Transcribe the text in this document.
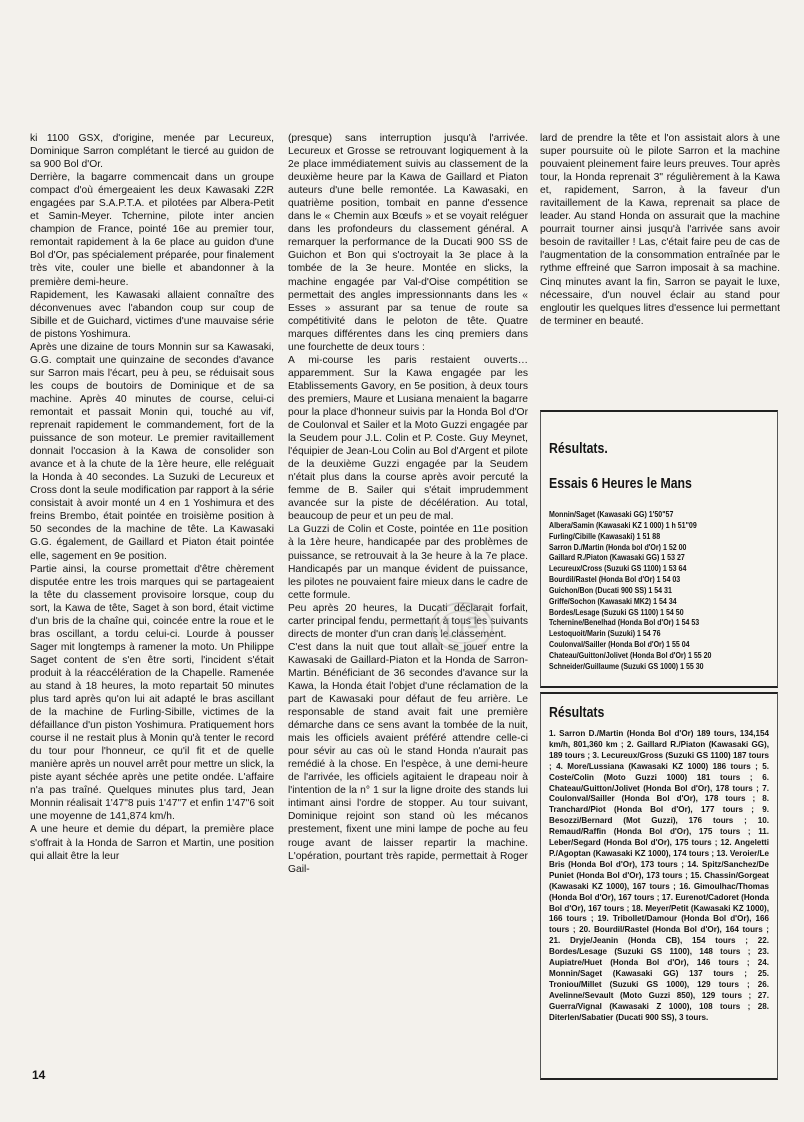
ki 1100 GSX, d'origine, menée par Lecureux, Dominique Sarron complétant le tiercé au guidon de sa 900 Bol d'Or.

Derrière, la bagarre commencait dans un groupe compact d'où émergeaient les deux Kawasaki Z2R engagées par S.A.P.T.A. et pilotées par Albera-Petit et Samin-Meyer. Tchernine, pilote inter ancien champion de France, pointé 16e au premier tour, remontait rapidement à la 6e place au guidon d'une Bol d'Or, pas spécialement préparée, pour finalement très vite, couler une bielle et abandonner à la première demi-heure.

Rapidement, les Kawasaki allaient connaître des déconvenues avec l'abandon coup sur coup de Sibille et de Guichard, victimes d'une mauvaise série de pistons Yoshimura.

Après une dizaine de tours Monnin sur sa Kawasaki, G.G. comptait une quinzaine de secondes d'avance sur Sarron mais l'écart, peu à peu, se réduisait sous les coups de boutoirs de Dominique et de sa machine. Après 40 minutes de course, celui-ci remontait et passait Monin qui, touché au vif, reprenait rapidement le commandement, fort de la puissance de son moteur. Le premier ravitaillement donnait l'occasion à la Kawa de consolider son avance et à la chute de la 1ère heure, elle reléguait la Honda à 40 secondes. La Suzuki de Lecureux et Cross dont la seule modification par rapport à la série consistait à avoir monté un 4 en 1 Yoshimura et des freins Brembo, était pointée en troisième position à 50 secondes de la machine de tête. La Kawasaki G.G. également, de Gaillard et Piaton était pointée elle, sagement en 9e position.

Partie ainsi, la course promettait d'être chèrement disputée entre les trois marques qui se partageaient la tête du classement provisoire lorsque, coup du sort, la Kawa de tête, Saget à son bord, était victime d'un bris de la chaîne qui, coincée entre la roue et le bras oscillant, a tordu celui-ci. Lourde à pousser Sager mit longtemps à ramener la moto. Un Philippe Saget content de s'en être sorti, l'incident s'était produit à la réaccélération de la Chapelle. Ramenée au stand à 18 heures, la moto repartait 50 minutes plus tard après qu'on lui ait adapté le bras ascillant de la machine de Furling-Sibille, victimes de la défaillance d'un piston Yoshimura. Pratiquement hors course il ne restait plus à Monin qu'à tenter le record du tour pour l'honneur, ce qu'il fit et de quelle manière après un nouvel arrêt pour mettre un slick, la piste ayant séchée après une petite ondée. L'affaire n'a pas traîné. Quelques minutes plus tard, Jean Monnin réalisait 1'47"8 puis 1'47"7 et enfin 1'47"6 soit une moyenne de 141,874 km/h.

A une heure et demie du départ, la première place s'offrait à la Honda de Sarron et Martin, une position qui allait être la leur

(presque) sans interruption jusqu'à l'arrivée. Lecureux et Grosse se retrouvant logiquement à la 2e place immédiatement suivis au classement de la deuxième heure par la Kawa de Gaillard et Piaton auteurs d'une belle remontée. La Kawasaki, en quatrième position, tombait en panne d'essence dans le « Chemin aux Bœufs » et se voyait reléguer dans les profondeurs du classement général. A remarquer la performance de la Ducati 900 SS de Guichon et Bon qui s'octroyait la 3e place à la tombée de la 3e heure. Montée en slicks, la machine engagée par Val-d'Oise compétition se permettait des angles impressionnants dans les « Esses » assurant par sa tenue de route sa compétitivité dans le peloton de tête. Quatre marques différentes dans les cinq premiers dans une fourchette de deux tours :

A mi-course les paris restaient ouverts… apparemment. Sur la Kawa engagée par les Etablissements Gavory, en 5e position, à deux tours des premiers, Maure et Lusiana menaient la bagarre pour la place d'honneur suivis par la Honda Bol d'Or de Coulonval et Sailer et la Moto Guzzi engagée par la Seudem pour J.L. Colin et P. Coste. Guy Meynet, l'équipier de Jean-Lou Colin au Bol d'Argent et pilote de la deuxième Guzzi engagée par la Seudem n'était plus dans la course après avoir percuté la femme de B. Sailer qui s'était imprudemment avancée sur la piste de décélération. Au total, beaucoup de peur et un peu de mal.

La Guzzi de Colin et Coste, pointée en 11e position à la 1ère heure, handicapée par des problèmes de puissance, se retrouvait à la 3e heure à la 7e place. Handicapés par un manque évident de puissance, les pilotes ne pouvaient faire mieux dans le cadre de cette formule.

Peu après 20 heures, la Ducati déclarait forfait, carter principal fendu, permettant à tous les suivants directs de monter d'un cran dans le classement.

C'est dans la nuit que tout allait se jouer entre la Kawasaki de Gaillard-Piaton et la Honda de Sarron-Martin. Bénéficiant de 36 secondes d'avance sur la Kawa, la Honda était l'objet d'une réclamation de la part de Kawasaki pour défaut de feu arrière. Le responsable de stand avait fait une première démarche dans ce sens avant la tombée de la nuit, mais les officiels avaient préféré attendre celle-ci pour sévir au cas où le stand Honda n'aurait pas remédié à la chose. En l'espèce, à une demi-heure de l'arrivée, les officiels agitaient le drapeau noir à l'intention de la n° 1 sur la ligne droite des stands lui intimant ainsi l'ordre de stopper. Au tour suivant, Dominique rejoint son stand où les mécanos prestement, fixent une mini lampe de poche au feu rouge avant de laisser repartir la machine. L'opération, pourtant très rapide, permettait à Roger Gail-

lard de prendre la tête et l'on assistait alors à une super poursuite où le pilote Sarron et la machine pouvaient pleinement faire leurs preuves. Tour après tour, la Honda reprenait 3" régulièrement à la Kawa et, rapidement, Sarron, à la faveur d'un ravitaillement de la Kawa, reprenait sa place de leader. Au stand Honda on assurait que la machine pourrait tourner ainsi jusqu'à l'arrivée sans avoir besoin de ravitailler ! Las, c'était faire peu de cas de l'augmentation de la consommation entraînée par le rythme effreiné que Sarron imposait à sa machine. Cinq minutes avant la fin, Sarron se payait le luxe, nécessaire, d'un nouvel éclair au stand pour engloutir les quelques litres d'essence lui permettant de terminer en beauté.

Résultats.
Essais 6 Heures le Mans
Monnin/Saget (Kawasaki GG) 1'50"57
Albera/Samin (Kawasaki KZ 1 000) 1 h 51"09
Furling/Cibille (Kawasaki) 1 51 88
Sarron D./Martin (Honda bol d'Or) 1 52 00
Gaillard R./Piaton (Kawasaki GG) 1 53 27
Lecureux/Cross (Suzuki GS 1100) 1 53 64
Bourdil/Rastel (Honda Bol d'Or) 1 54 03
Guichon/Bon (Ducati 900 SS) 1 54 31
Griffe/Sochon (Kawasaki MK2) 1 54 34
Bordes/Lesage (Suzuki GS 1100) 1 54 50
Tchernine/Benelhad (Honda Bol d'Or) 1 54 53
Lestoquoit/Marin (Suzuki) 1 54 76
Coulonval/Sailler (Honda Bol d'Or) 1 55 04
Chateau/Guitton/Jolivet (Honda Bol d'Or) 1 55 20
Schneider/Guillaume (Suzuki GS 1000) 1 55 30
Résultats
1. Sarron D./Martin (Honda Bol d'Or) 189 tours, 134,154 km/h, 801,360 km ; 2. Gaillard R./Piaton (Kawasaki GG), 189 tours ; 3. Lecureux/Gross (Suzuki GS 1100) 187 tours ; 4. More/Lussiana (Kawasaki KZ 1000) 186 tours ; 5. Coste/Colin (Moto Guzzi 1000) 181 tours ; 6. Chateau/Guitton/Jolivet (Honda Bol d'Or), 178 tours ; 7. Coulonval/Sailler (Honda Bol d'Or), 178 tours ; 8. Tranchard/Piot (Honda Bol d'Or), 177 tours ; 9. Besozzi/Bernard (Mot Guzzi), 176 tours ; 10. Remaud/Raffin (Honda Bol d'Or), 175 tours ; 11. Leber/Segard (Honda Bol d'Or), 175 tours ; 12. Angeletti P./Agoptan (Kawasaki KZ 1000), 174 tours ; 13. Veroier/Le Bris (Honda Bol d'Or), 173 tours ; 14. Spitz/Sanchez/De Puniet (Honda Bol d'Or), 173 tours ; 15. Chassin/Gorgeat (Kawasaki KZ 1000), 167 tours ; 16. Gimoulhac/Thomas (Honda Bol d'Or), 167 tours ; 17. Eurenot/Cadoret (Honda Bol d'Or), 167 tours ; 18. Meyer/Petit (Kawasaki KZ 1000), 166 tours ; 19. Tribollet/Damour (Honda Bol d'Or), 166 tours ; 20. Bourdil/Rastel (Honda Bol d'Or), 164 tours ; 21. Dryje/Jeanin (Honda CB), 154 tours ; 22. Bordes/Lesage (Suzuki GS 1100), 148 tours ; 23. Aupiatre/Huet (Honda Bol d'Or), 146 tours ; 24. Monnin/Saget (Kawasaki GG) 137 tours ; 25. Troniou/Millet (Suzuki GS 1000), 129 tours ; 26. Avelinne/Sevault (Moto Guzzi 850), 129 tours ; 27. Guerra/Vignal (Kawasaki Z 1000), 108 tours ; 28. Diterlen/Sabatier (Ducati 900 SS), 3 tours.
14
